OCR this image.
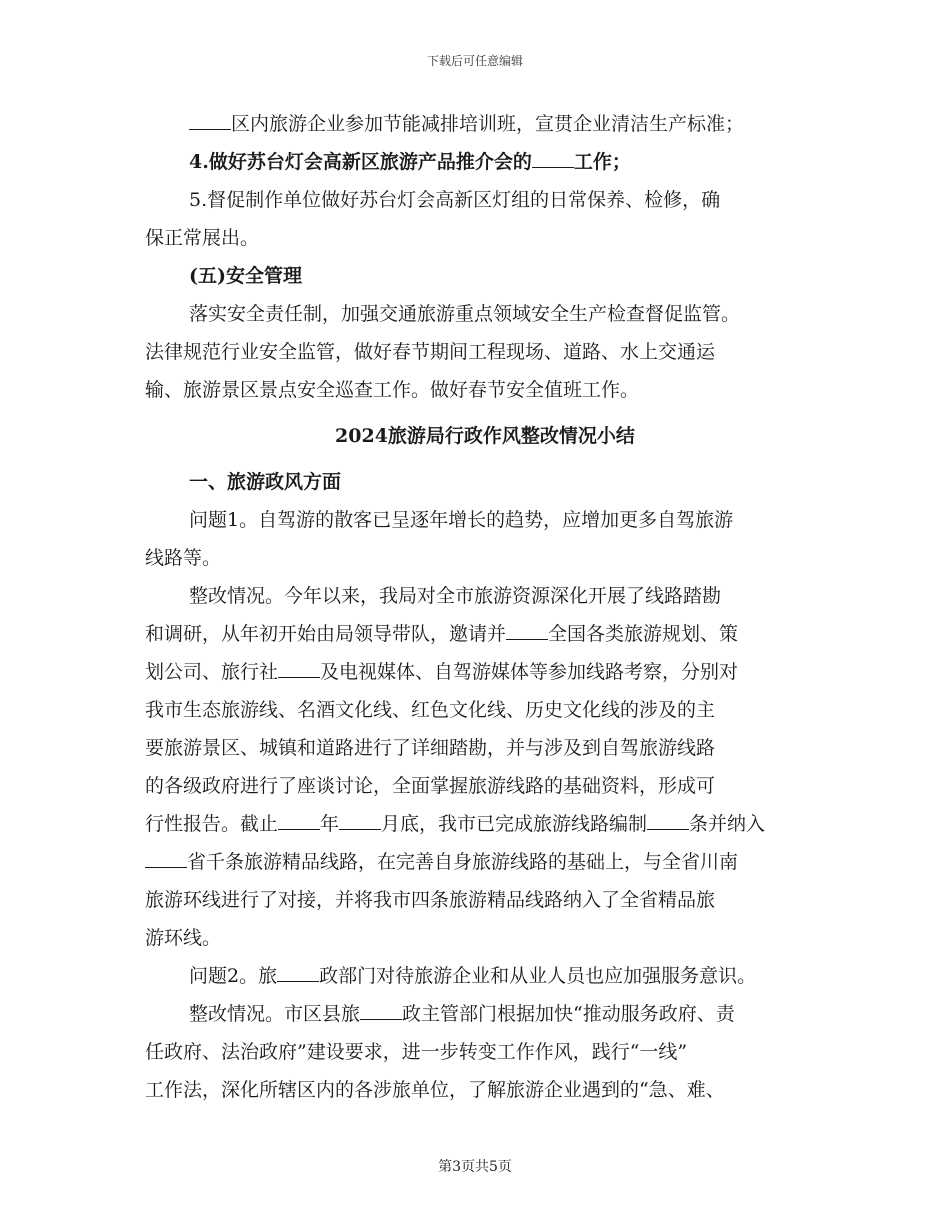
下载后可任意编辑

区内旅游企业参加节能减排培训班，宣贯企业清洁生产标准；

4.做好苏台灯会高新区旅游产品推介会的 工作；

5.督促制作单位做好苏台灯会高新区灯组的日常保养、检修，确

保正常展出。

(五)安全管理

落实安全责任制，加强交通旅游重点领域安全生产检查督促监管。

法律规范行业安全监管，做好春节期间工程现场、道路、水上交通运

输、旅游景区景点安全巡查工作。做好春节安全值班工作。

2024旅游局行政作风整改情况小结

一、旅游政风方面

问题1。自驾游的散客已呈逐年增长的趋势，应增加更多自驾旅游

线路等。

整改情况。今年以来，我局对全市旅游资源深化开展了线路踏勘

和调研，从年初开始由局领导带队，邀请并 全国各类旅游规划、策

划公司、旅行社 及电视媒体、自驾游媒体等参加线路考察，分别对

我市生态旅游线、名酒文化线、红色文化线、历史文化线的涉及的主

要旅游景区、城镇和道路进行了详细踏勘，并与涉及到自驾旅游线路

的各级政府进行了座谈讨论，全面掌握旅游线路的基础资料，形成可

行性报告。截止 年 月底，我市已完成旅游线路编制 条并纳入

省千条旅游精品线路，在完善自身旅游线路的基础上，与全省川南

旅游环线进行了对接，并将我市四条旅游精品线路纳入了全省精品旅

游环线。

问题2。旅 政部门对待旅游企业和从业人员也应加强服务意识。

整改情况。市区县旅 政主管部门根据加快“推动服务政府、责

任政府、法治政府”建设要求，进一步转变工作作风，践行“一线”

工作法，深化所辖区内的各涉旅单位，了解旅游企业遇到的“急、难、

第3页共5页
